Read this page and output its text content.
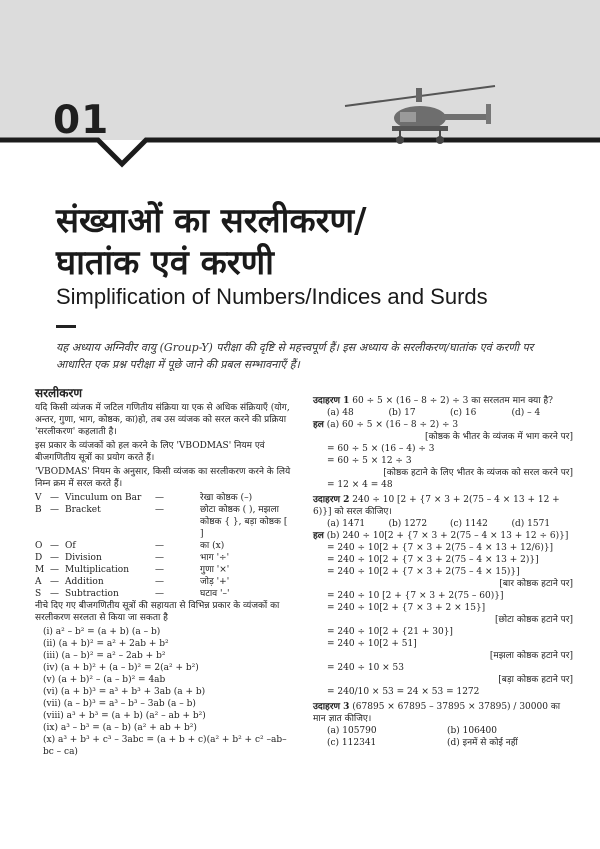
01
संख्याओं का सरलीकरण/
घातांक एवं करणी
Simplification of Numbers/Indices and Surds
यह अध्याय अग्निवीर वायु (Group-Y) परीक्षा की दृष्टि से महत्त्वपूर्ण हैं। इस अध्याय के सरलीकरण/घातांक एवं करणी पर आधारित एक प्रश्न परीक्षा में पूछे जाने की प्रबल सम्भावनाएँ हैं।
सरलीकरण

यदि किसी व्यंजक में जटिल गणितीय संक्रिया या एक से अधिक संक्रियाएँ (योग, अन्तर, गुणा, भाग, कोष्ठक, का)हो, तब उस व्यंजक को सरल करने की प्रक्रिया 'सरलीकरण' कहलाती है।

इस प्रकार के व्यंजकों को हल करने के लिए 'VBODMAS' नियम एवं बीजगणितीय सूत्रों का प्रयोग करते हैं।

'VBODMAS' नियम के अनुसार, किसी व्यंजक का सरलीकरण करने के लिये निम्न क्रम में सरल करते हैं।

V — Vinculum on Bar	—	रेखा कोष्ठक (–)
B — Bracket	—	छोटा कोष्ठक ( ), मझला कोष्ठक { }, बड़ा कोष्ठक [ ]
O — Of	—	का (x)
D — Division	—	भाग '÷'
M — Multiplication	—	गुणा '×'
A — Addition	—	जोड़ '+'
S — Subtraction	—	घटाव '–'

नीचे दिए गए बीजगणितीय सूत्रों की सहायता से विभिन्न प्रकार के व्यंजकों का सरलीकरण सरलता से किया जा सकता है

(i) a² – b² = (a + b) (a – b)
(ii) (a + b)² = a² + 2ab + b²
(iii) (a – b)² = a² – 2ab + b²
(iv) (a + b)² + (a – b)² = 2(a² + b²)
(v) (a + b)² – (a – b)² = 4ab
(vi) (a + b)³ = a³ + b³ + 3ab (a + b)
(vii) (a – b)³ = a³ – b³ – 3ab (a – b)
(viii) a³ + b³ = (a + b) (a² – ab + b²)
(ix) a³ – b³ = (a – b) (a² + ab + b²)
(x) a³ + b³ + c³ – 3abc = (a + b + c)(a² + b² + c² –ab– bc – ca)
उदाहरण 1 60 ÷ 5 × (16 – 8 ÷ 2) ÷ 3 का सरलतम मान क्या है?
(a) 48	(b) 17	(c) 16	(d) – 4
हल (a) 60 ÷ 5 × (16 – 8 ÷ 2) ÷ 3
[कोष्ठक के भीतर के व्यंजक में भाग करने पर]
= 60 ÷ 5 × (16 – 4) ÷ 3
= 60 ÷ 5 × 12 ÷ 3
[कोष्ठक हटाने के लिए भीतर के व्यंजक को सरल करने पर]
= 12 × 4 = 48
उदाहरण 2 240 ÷ 10 [2 + {7 × 3 + 2(75 – 4 × 13 + 12 + 6)}] को सरल कीजिए।
(a) 1471	(b) 1272	(c) 1142	(d) 1571
हल (b) 240 ÷ 10[2 + {7 × 3 + 2(75 – 4 × 13 + 12 ÷ 6)}]
= 240 ÷ 10[2 + {7 × 3 + 2(75 – 4 × 13 + 12/6)}]
= 240 ÷ 10[2 + {7 × 3 + 2(75 – 4 × 13 + 2)}]
= 240 ÷ 10[2 + {7 × 3 + 2(75 – 4 × 15)}]
[बार कोष्ठक हटाने पर]
= 240 ÷ 10 [2 + {7 × 3 + 2(75 – 60)}]
= 240 ÷ 10[2 + {7 × 3 + 2 × 15}]
[छोटा कोष्ठक हटाने पर]
= 240 ÷ 10[2 + {21 + 30}]
= 240 ÷ 10[2 + 51]
[मझला कोष्ठक हटाने पर]
= 240 ÷ 10 × 53
[बड़ा कोष्ठक हटाने पर]
= 240/10 × 53 = 24 × 53 = 1272
उदाहरण 3 (67895 × 67895 – 37895 × 37895) / 30000 का मान ज्ञात कीजिए।
(a) 105790	(b) 106400
(c) 112341	(d) इनमें से कोई नहीं
